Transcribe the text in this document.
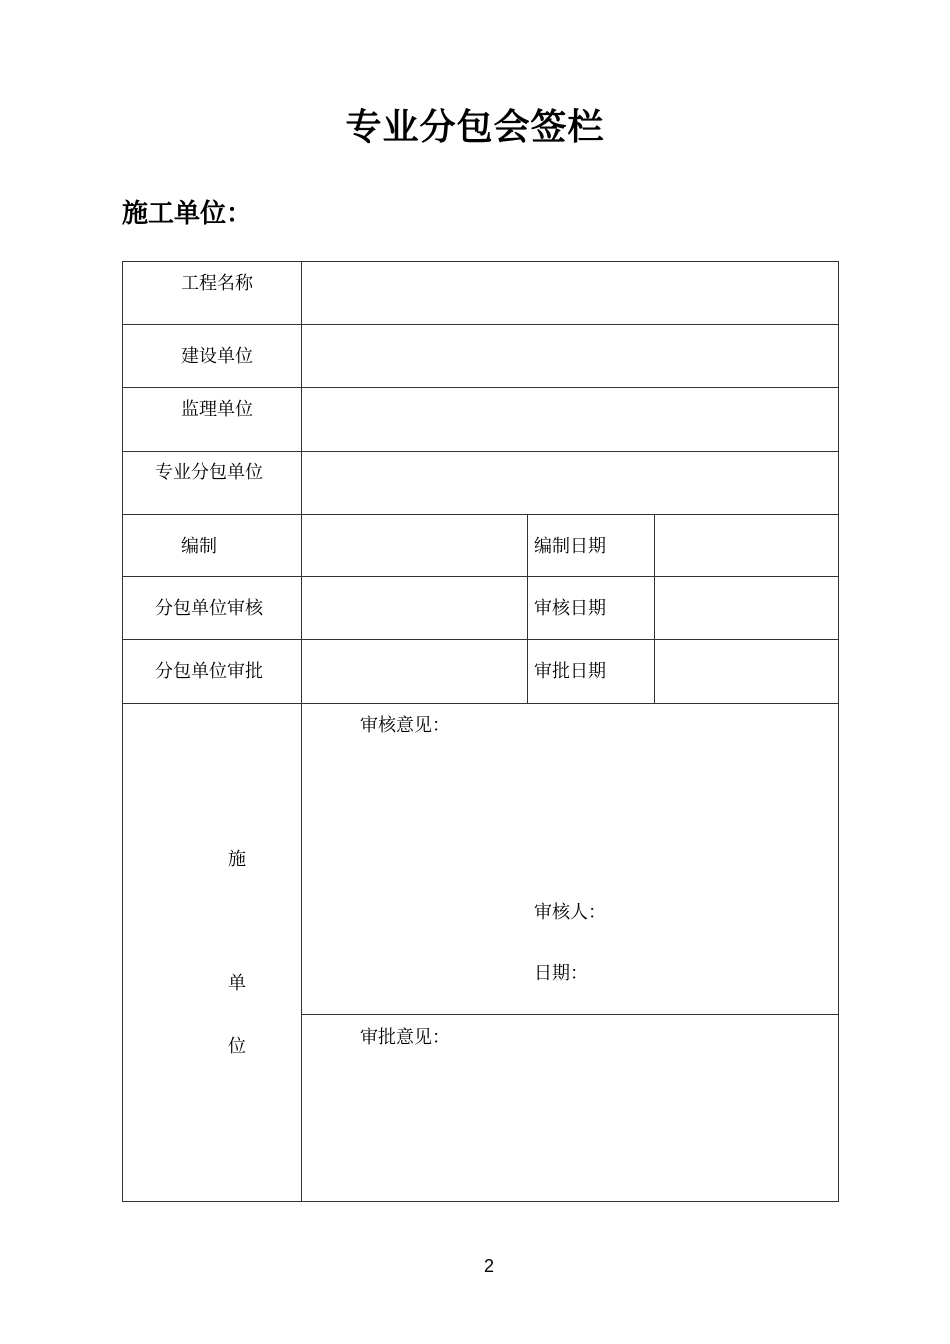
专业分包会签栏
施工单位：
工程名称
建设单位
监理单位
专业分包单位
编制	编制日期
分包单位审核	审核日期
分包单位审批	审批日期
施
单
位
审核意见：
审核人：
日期：
审批意见：
2
